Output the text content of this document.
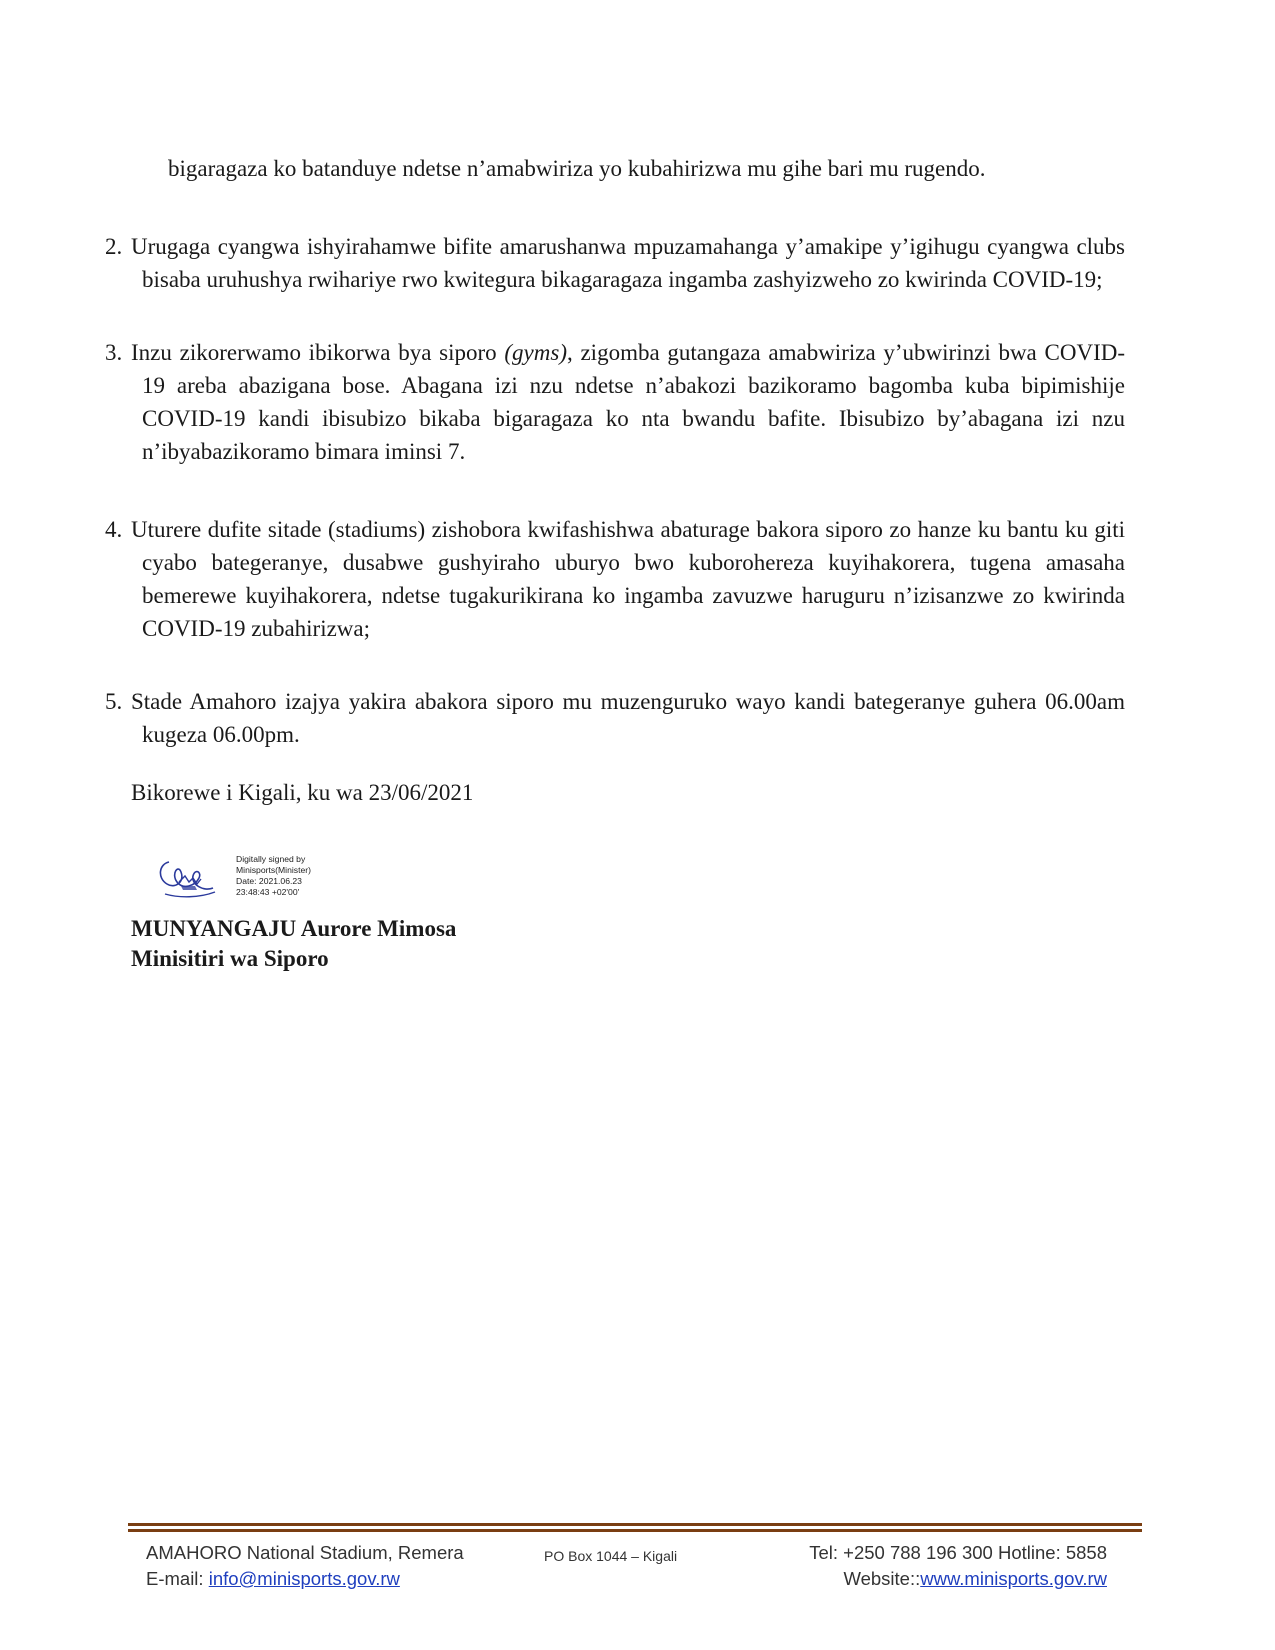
bigaragaza ko batanduye ndetse n’amabwiriza yo kubahirizwa mu gihe bari mu rugendo.
2. Urugaga cyangwa ishyirahamwe bifite amarushanwa mpuzamahanga y’amakipe y’igihugu cyangwa clubs bisaba uruhushya rwihariye rwo kwitegura bikagaragaza ingamba zashyizweho zo kwirinda COVID-19;
3. Inzu zikorerwamo ibikorwa bya siporo (gyms), zigomba gutangaza amabwiriza y’ubwirinzi bwa COVID-19 areba abazigana bose. Abagana izi nzu ndetse n’abakozi bazikoramo bagomba kuba bipimishije COVID-19 kandi ibisubizo bikaba bigaragaza ko nta bwandu bafite. Ibisubizo by’abagana izi nzu n’ibyabazikoramo bimara iminsi 7.
4. Uturere dufite sitade (stadiums) zishobora kwifashishwa abaturage bakora siporo zo hanze ku bantu ku giti cyabo bategeranye, dusabwe gushyiraho uburyo bwo kuborohereza kuyihakorera, tugena amasaha bemerewe kuyihakorera, ndetse tugakurikirana ko ingamba zavuzwe haruguru n’izisanzwe zo kwirinda COVID-19 zubahirizwa;
5. Stade Amahoro izajya yakira abakora siporo mu muzenguruko wayo kandi bategeranye guhera 06.00am kugeza 06.00pm.
Bikorewe i Kigali, ku wa 23/06/2021
Digitally signed by
Minisports(Minister)
Date: 2021.06.23
23:48:43 +02'00'
MUNYANGAJU Aurore Mimosa
Minisitiri wa Siporo
AMAHORO National Stadium, Remera
E-mail: info@minisports.gov.rw
PO Box 1044 – Kigali	Tel: +250 788 196 300 Hotline: 5858
Website::www.minisports.gov.rw
